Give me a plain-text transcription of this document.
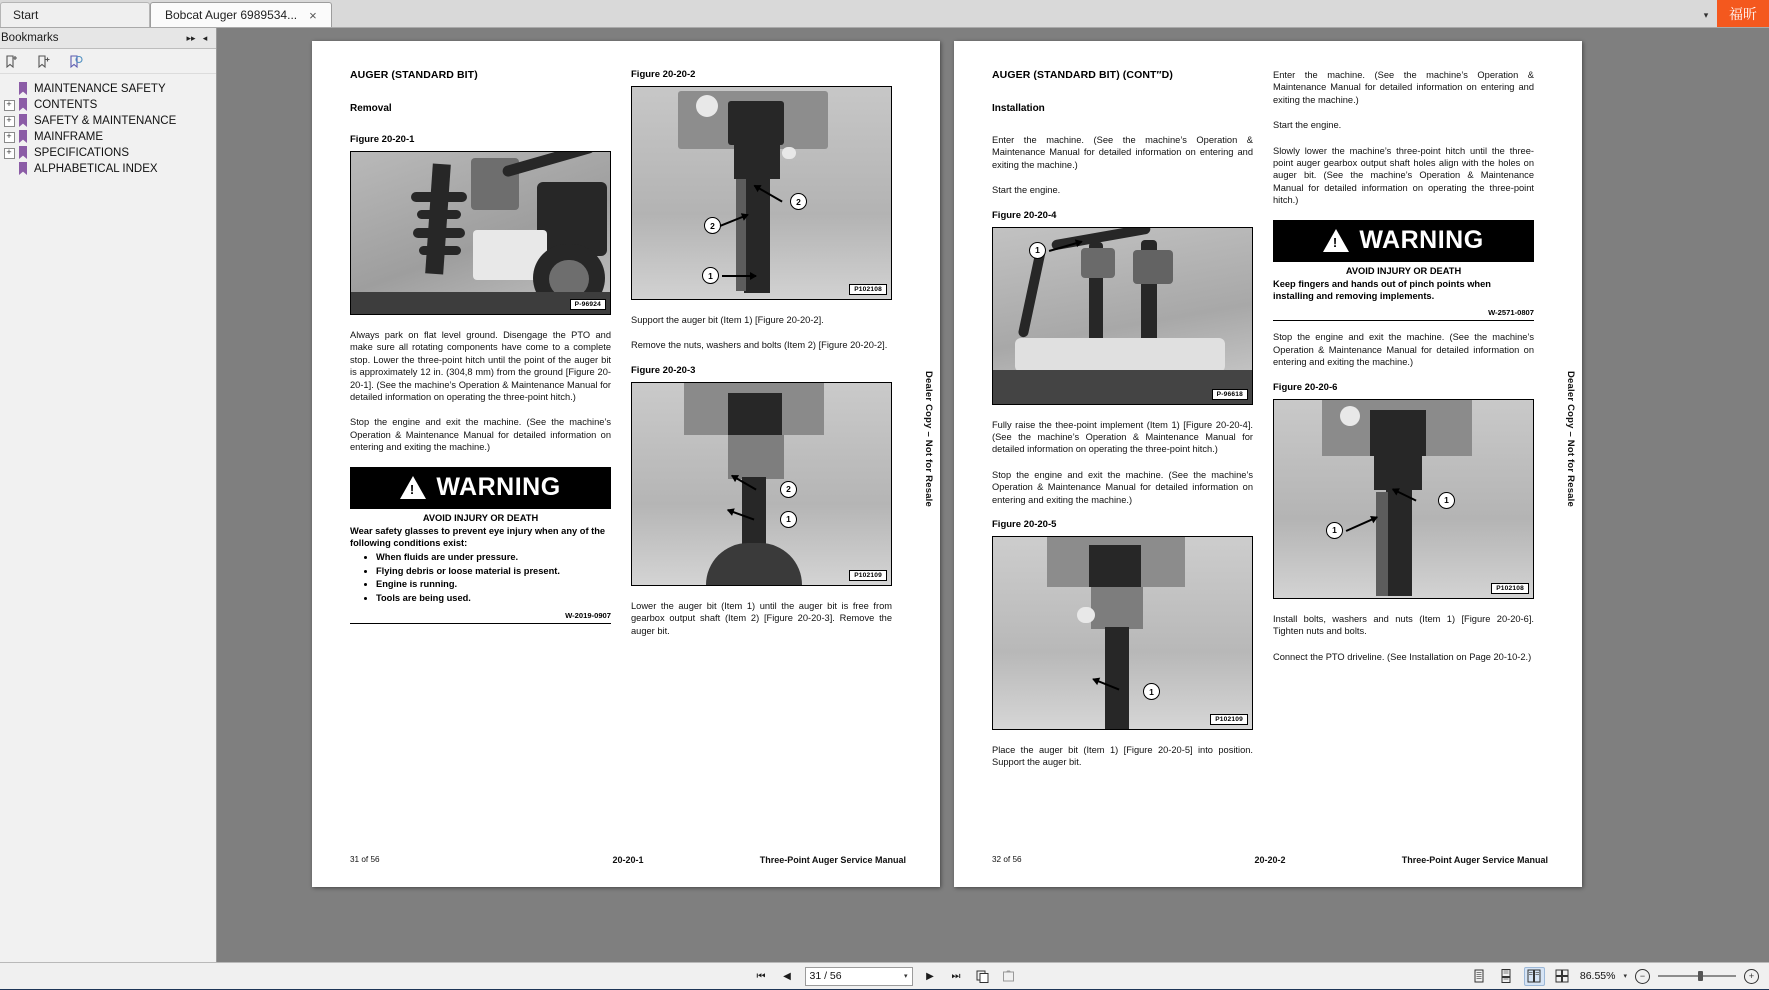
Start	Bobcat Auger 6989534... ×	▾	福昕
Bookmarks	▸▸ ◂
MAINTENANCE SAFETY
+ CONTENTS
+ SAFETY & MAINTENANCE
+ MAINFRAME
+ SPECIFICATIONS
ALPHABETICAL INDEX
AUGER (STANDARD BIT)
Removal
Figure 20-20-1
P-96924
Always park on flat level ground. Disengage the PTO and make sure all rotating components have come to a complete stop. Lower the three-point hitch until the point of the auger bit is approximately 12 in. (304,8 mm) from the ground [Figure 20-20-1]. (See the machine’s Operation & Maintenance Manual for detailed information on operating the three-point hitch.)
Stop the engine and exit the machine. (See the machine’s Operation & Maintenance Manual for detailed information on entering and exiting the machine.)
!
WARNING
AVOID INJURY OR DEATH
Wear safety glasses to prevent eye injury when any of the following conditions exist:
• When fluids are under pressure.
• Flying debris or loose material is present.
• Engine is running.
• Tools are being used.
W-2019-0907
Figure 20-20-2
2
2
1
P102108
Support the auger bit (Item 1) [Figure 20-20-2].
Remove the nuts, washers and bolts (Item 2) [Figure 20-20-2].
Figure 20-20-3
2
1
P102109
Lower the auger bit (Item 1) until the auger bit is free from gearbox output shaft (Item 2) [Figure 20-20-3]. Remove the auger bit.
Dealer Copy – Not for Resale
31 of 56	20-20-1	Three-Point Auger Service Manual
AUGER (STANDARD BIT) (CONT″D)
Installation
Enter the machine. (See the machine’s Operation & Maintenance Manual for detailed information on entering and exiting the machine.)
Start the engine.
Figure 20-20-4
1
P-96618
Fully raise the thee-point implement (Item 1) [Figure 20-20-4]. (See the machine’s Operation & Maintenance Manual for detailed information on operating the three-point hitch.)
Stop the engine and exit the machine. (See the machine’s Operation & Maintenance Manual for detailed information on entering and exiting the machine.)
Figure 20-20-5
1
P102109
Place the auger bit (Item 1) [Figure 20-20-5] into position. Support the auger bit.
Enter the machine. (See the machine’s Operation & Maintenance Manual for detailed information on entering and exiting the machine.)
Start the engine.
Slowly lower the machine’s three-point hitch until the three-point auger gearbox output shaft holes align with the holes on auger bit. (See the machine’s Operation & Maintenance Manual for detailed information on operating the three-point hitch.)
!
WARNING
AVOID INJURY OR DEATH
Keep fingers and hands out of pinch points when installing and removing implements.
W-2571-0807
Stop the engine and exit the machine. (See the machine’s Operation & Maintenance Manual for detailed information on entering and exiting the machine.)
Figure 20-20-6
1
1
P102108
Install bolts, washers and nuts (Item 1) [Figure 20-20-6]. Tighten nuts and bolts.
Connect the PTO driveline. (See Installation on Page 20-10-2.)
Dealer Copy – Not for Resale
32 of 56	20-20-2	Three-Point Auger Service Manual
⏮	◀	31 / 56	▾	▶	⏭	86.55% ▾	−	+
